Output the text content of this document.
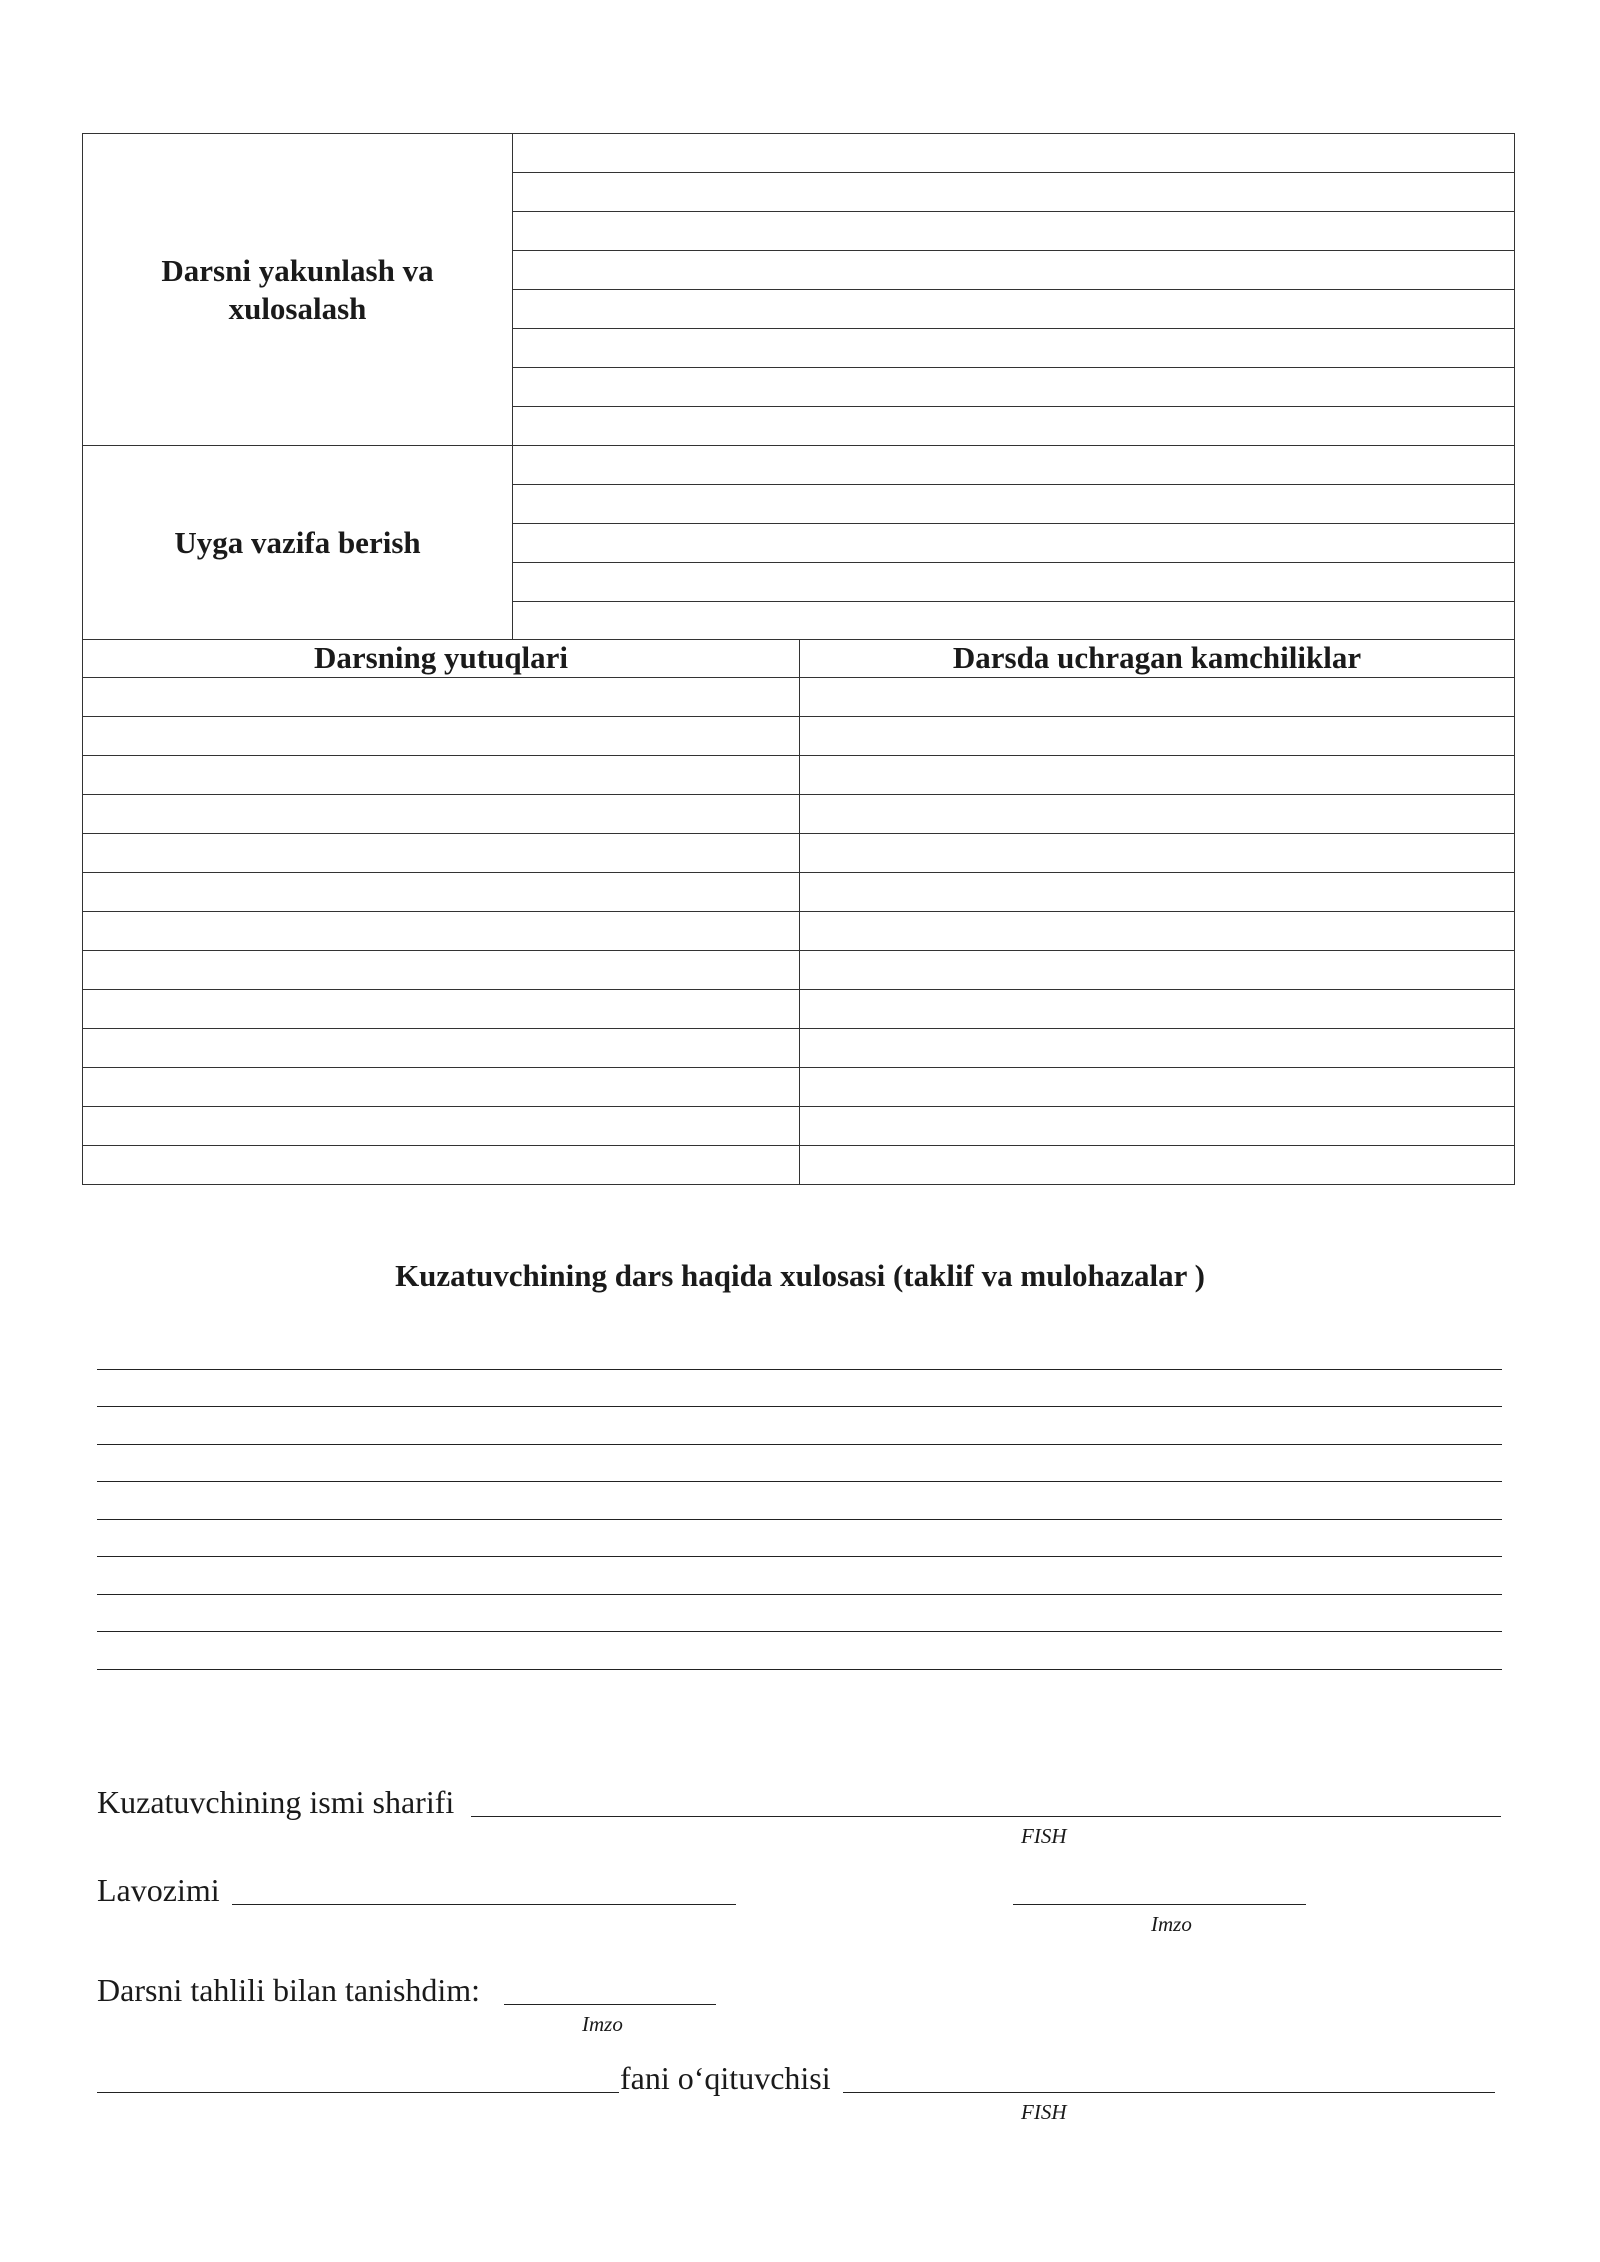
Darsni yakunlash va xulosalash
Uyga vazifa berish
Darsning yutuqlari	Darsda uchragan kamchiliklar
Kuzatuvchining dars haqida xulosasi (taklif va mulohazalar )
Kuzatuvchining ismi sharifi
FISH
Lavozimi
Imzo
Darsni tahlili bilan tanishdim:
Imzo
fani o‘qituvchisi
FISH
